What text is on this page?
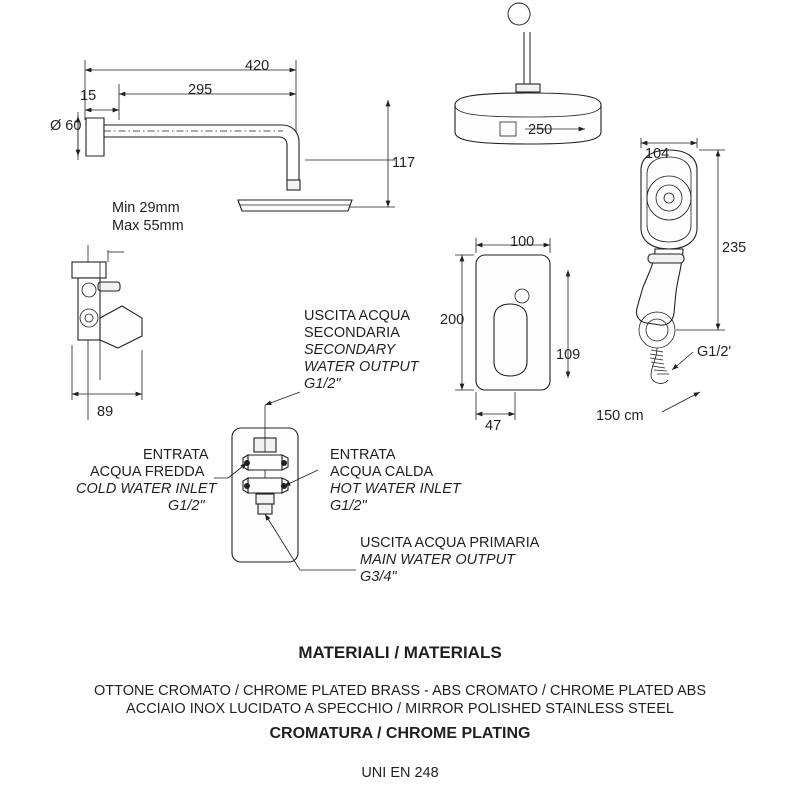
420
295
15
Ø 60
117
250
104
235
G1/2'
150 cm
100
200
109
47
89
Min 29mm
Max 55mm
USCITA ACQUA
SECONDARIA
SECONDARY
WATER OUTPUT
G1/2"
ENTRATA
ACQUA FREDDA
COLD WATER INLET
G1/2"
ENTRATA
ACQUA CALDA
HOT WATER INLET
G1/2"
USCITA ACQUA PRIMARIA
MAIN WATER OUTPUT
G3/4"
MATERIALI / MATERIALS
OTTONE CROMATO / CHROME PLATED BRASS - ABS CROMATO / CHROME PLATED ABS
ACCIAIO INOX LUCIDATO A SPECCHIO / MIRROR POLISHED STAINLESS STEEL
CROMATURA / CHROME PLATING
UNI EN 248
